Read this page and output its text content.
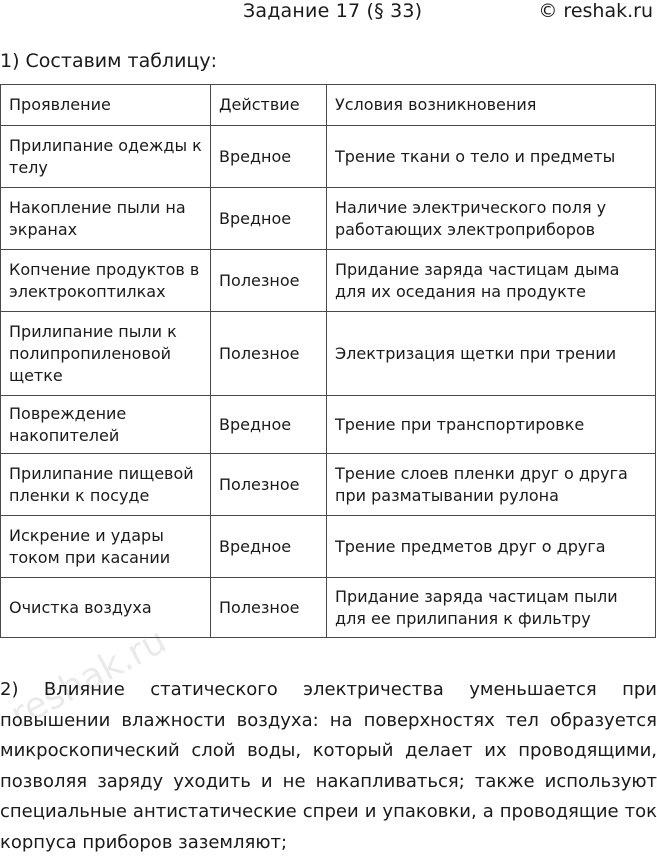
Задание 17 (§ 33)	© reshak.ru
1) Составим таблицу:
Проявление	Действие	Условия возникновения
Прилипание одежды к телу	Вредное	Трение ткани о тело и предметы
Накопление пыли на экранах	Вредное	Наличие электрического поля у работающих электроприборов
Копчение продуктов в электрокоптилках	Полезное	Придание заряда частицам дыма для их оседания на продукте
Прилипание пыли к полипропиленовой щетке	Полезное	Электризация щетки при трении
Повреждение накопителей	Вредное	Трение при транспортировке
Прилипание пищевой пленки к посуде	Полезное	Трение слоев пленки друг о друга при разматывании рулона
Искрение и удары током при касании	Вредное	Трение предметов друг о друга
Очистка воздуха	Полезное	Придание заряда частицам пыли для ее прилипания к фильтру
2) Влияние статического электричества уменьшается при повышении влажности воздуха: на поверхностях тел образуется микроскопический слой воды, который делает их проводящими, позволяя заряду уходить и не накапливаться; также используют специальные антистатические спреи и упаковки, а проводящие ток корпуса приборов заземляют;
reshak.ru
